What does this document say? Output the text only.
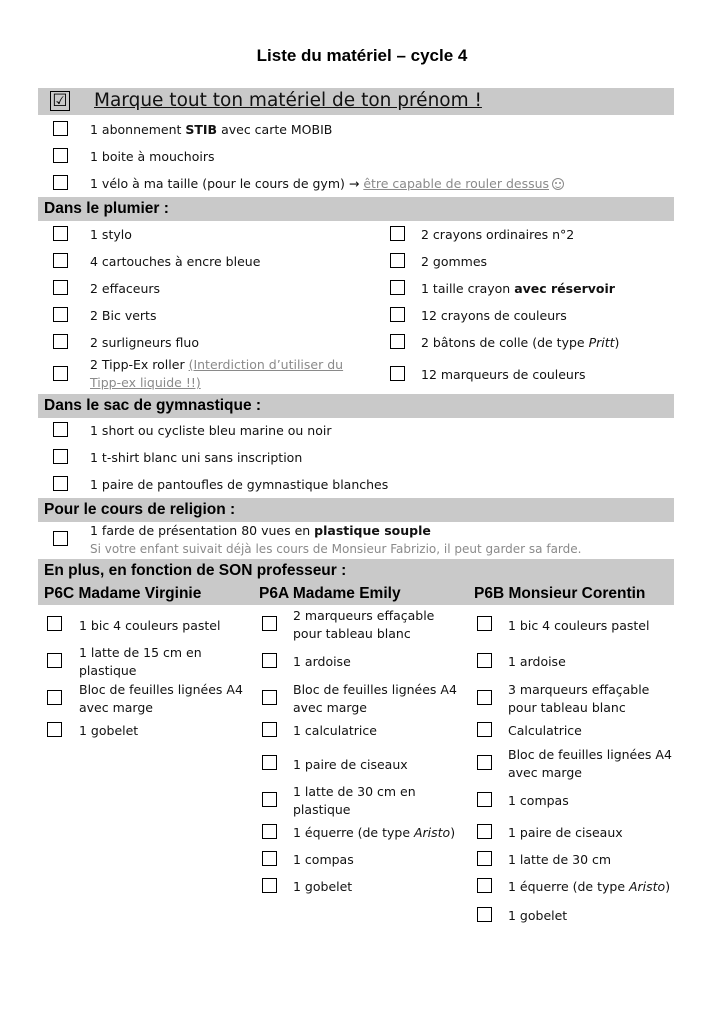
Liste du matériel – cycle 4
☑ Marque tout ton matériel de ton prénom !
1 abonnement STIB avec carte MOBIB
1 boite à mouchoirs
1 vélo à ma taille (pour le cours de gym) → être capable de rouler dessus
Dans le plumier :
1 stylo
4 cartouches à encre bleue
2 effaceurs
2 Bic verts
2 surligneurs fluo
2 Tipp-Ex roller (Interdiction d’utiliser du
Tipp-ex liquide !!)
2 crayons ordinaires n°2
2 gommes
1 taille crayon avec réservoir
12 crayons de couleurs
2 bâtons de colle (de type Pritt)
12 marqueurs de couleurs
Dans le sac de gymnastique :
1 short ou cycliste bleu marine ou noir
1 t-shirt blanc uni sans inscription
1 paire de pantoufles de gymnastique blanches
Pour le cours de religion :
1 farde de présentation 80 vues en plastique souple
Si votre enfant suivait déjà les cours de Monsieur Fabrizio, il peut garder sa farde.
En plus, en fonction de SON professeur :
P6C Madame Virginie	P6A Madame Emily	P6B Monsieur Corentin
1 bic 4 couleurs pastel
1 latte de 15 cm en
plastique
Bloc de feuilles lignées A4
avec marge
1 gobelet
2 marqueurs effaçable
pour tableau blanc
1 ardoise
Bloc de feuilles lignées A4
avec marge
1 calculatrice
1 paire de ciseaux
1 latte de 30 cm en
plastique
1 équerre (de type Aristo)
1 compas
1 gobelet
1 bic 4 couleurs pastel
1 ardoise
3 marqueurs effaçable
pour tableau blanc
Calculatrice
Bloc de feuilles lignées A4
avec marge
1 compas
1 paire de ciseaux
1 latte de 30 cm
1 équerre (de type Aristo)
1 gobelet
